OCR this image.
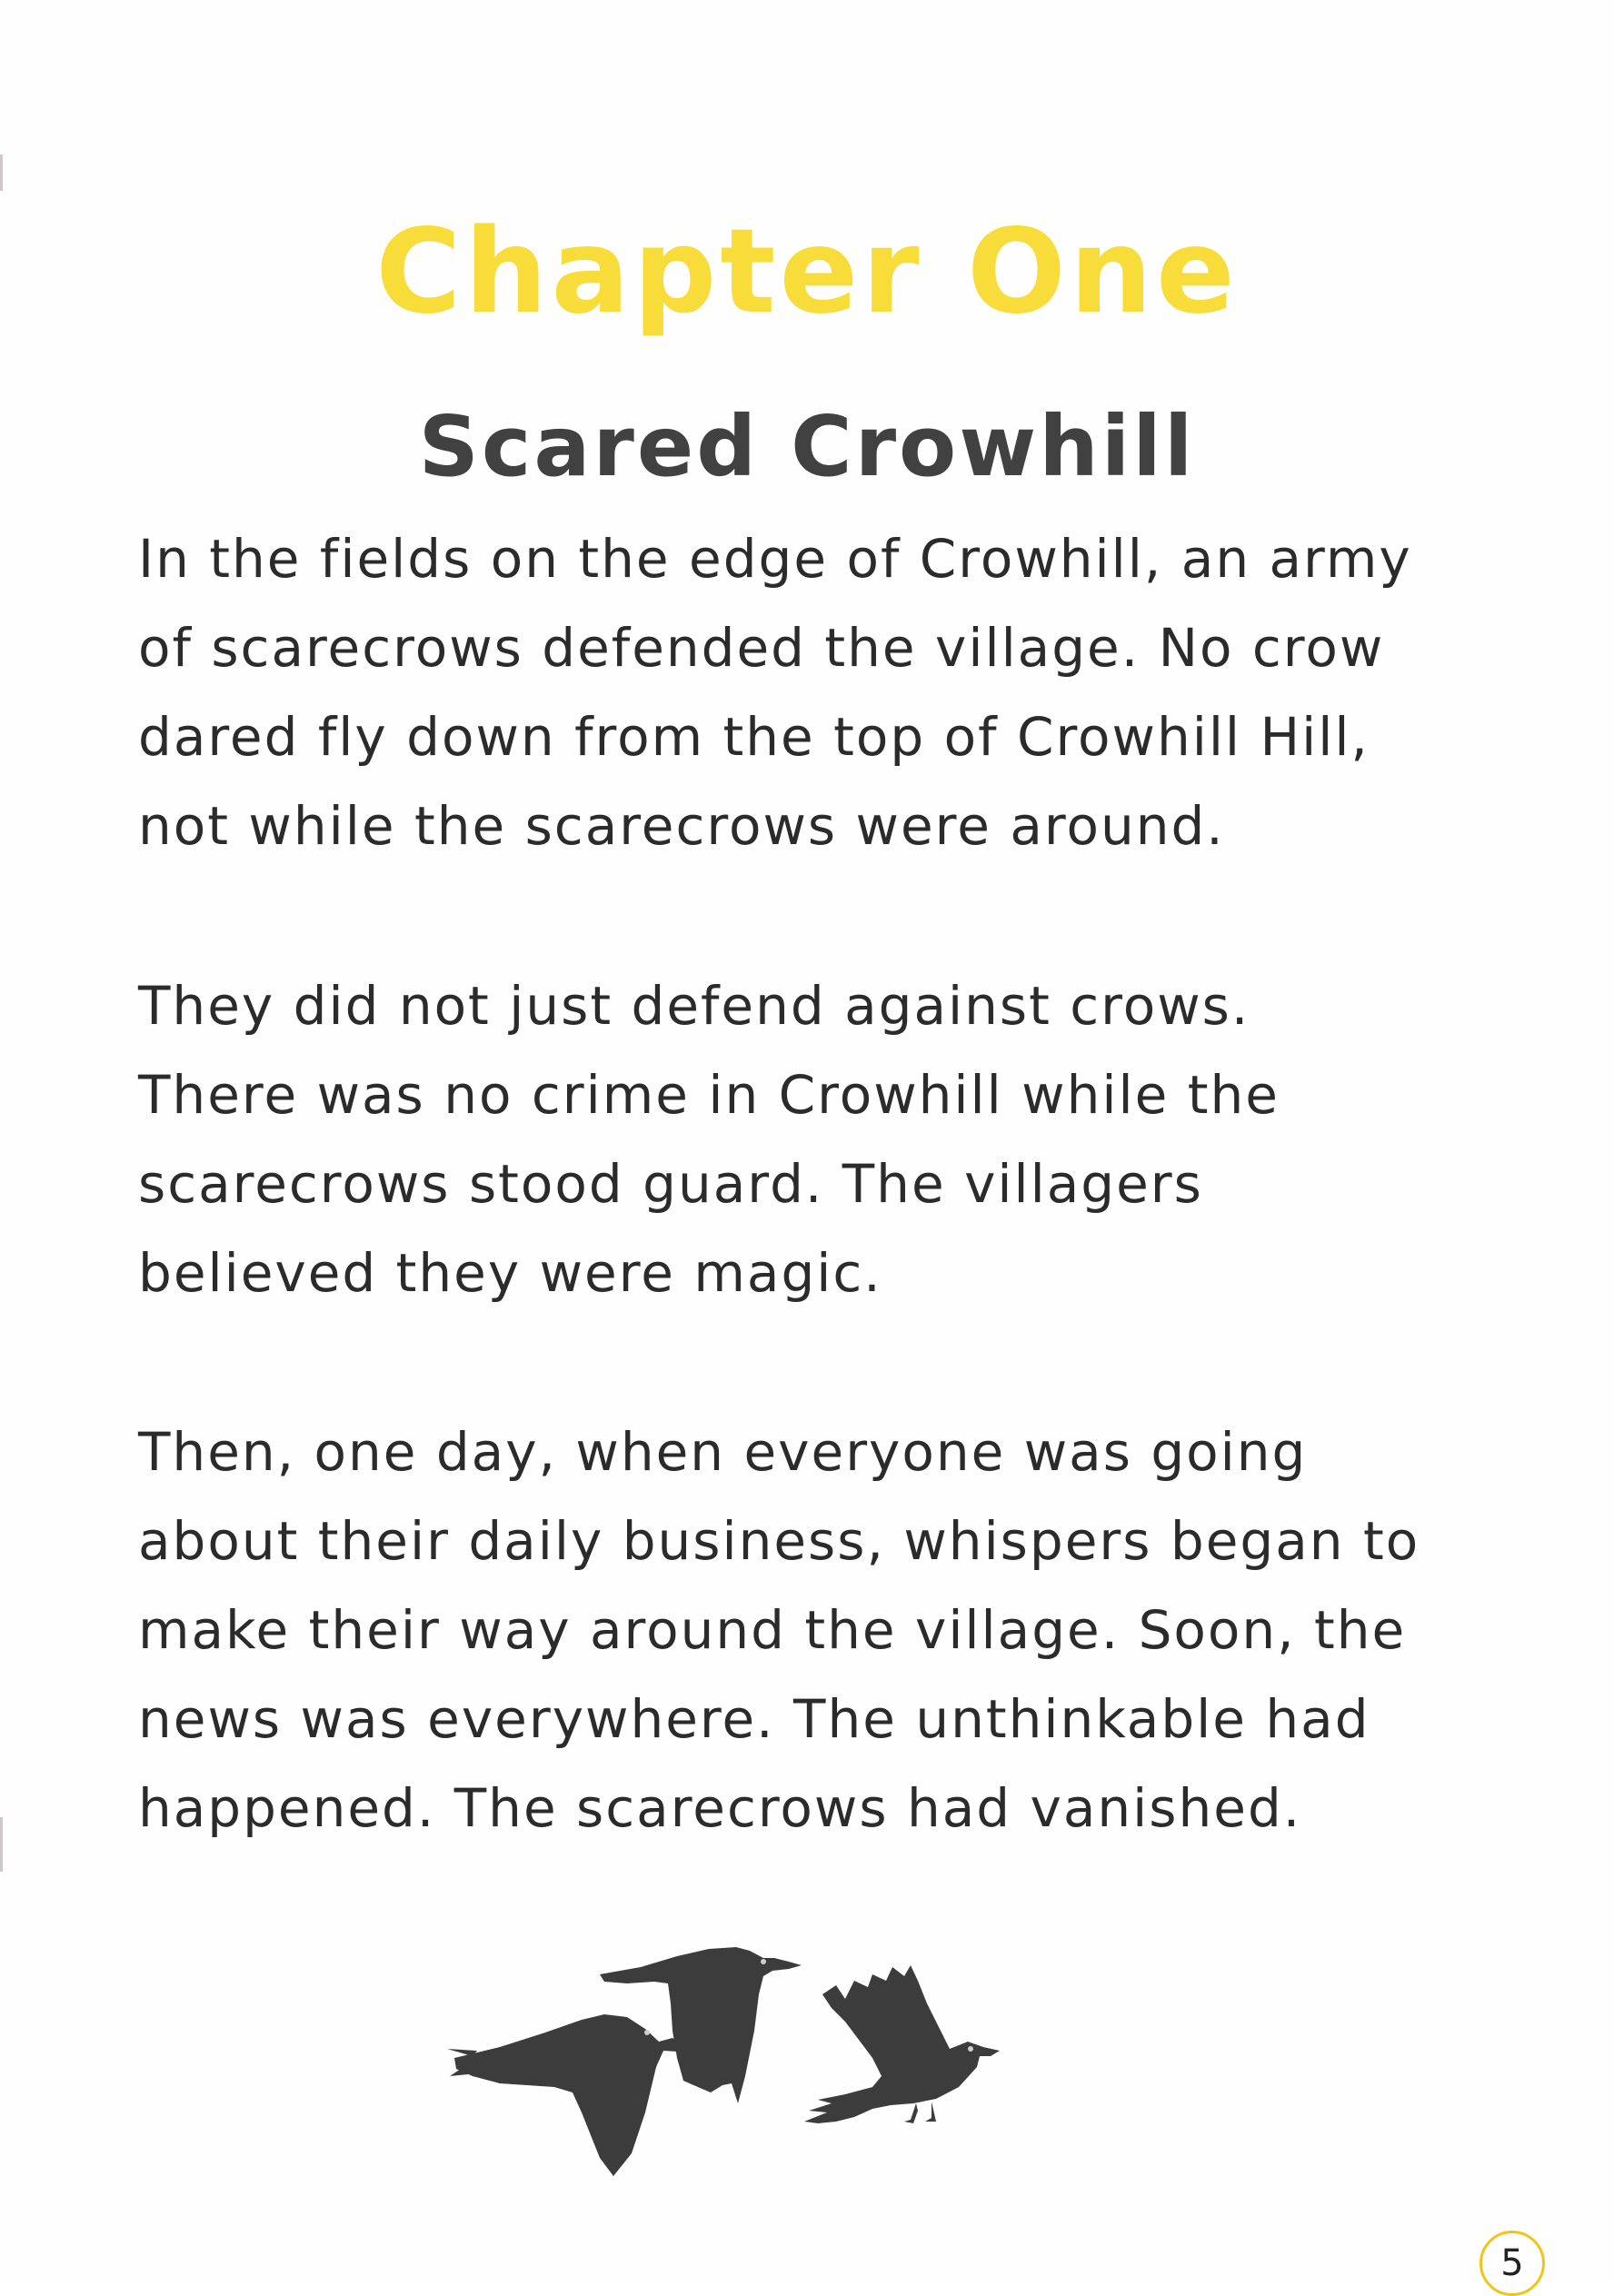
Chapter One
Scared Crowhill

In the fields on the edge of Crowhill, an army
of scarecrows defended the village. No crow
dared fly down from the top of Crowhill Hill,
not while the scarecrows were around.

They did not just defend against crows.
There was no crime in Crowhill while the
scarecrows stood guard. The villagers
believed they were magic.

Then, one day, when everyone was going
about their daily business, whispers began to
make their way around the village. Soon, the
news was everywhere. The unthinkable had
happened. The scarecrows had vanished.

5
